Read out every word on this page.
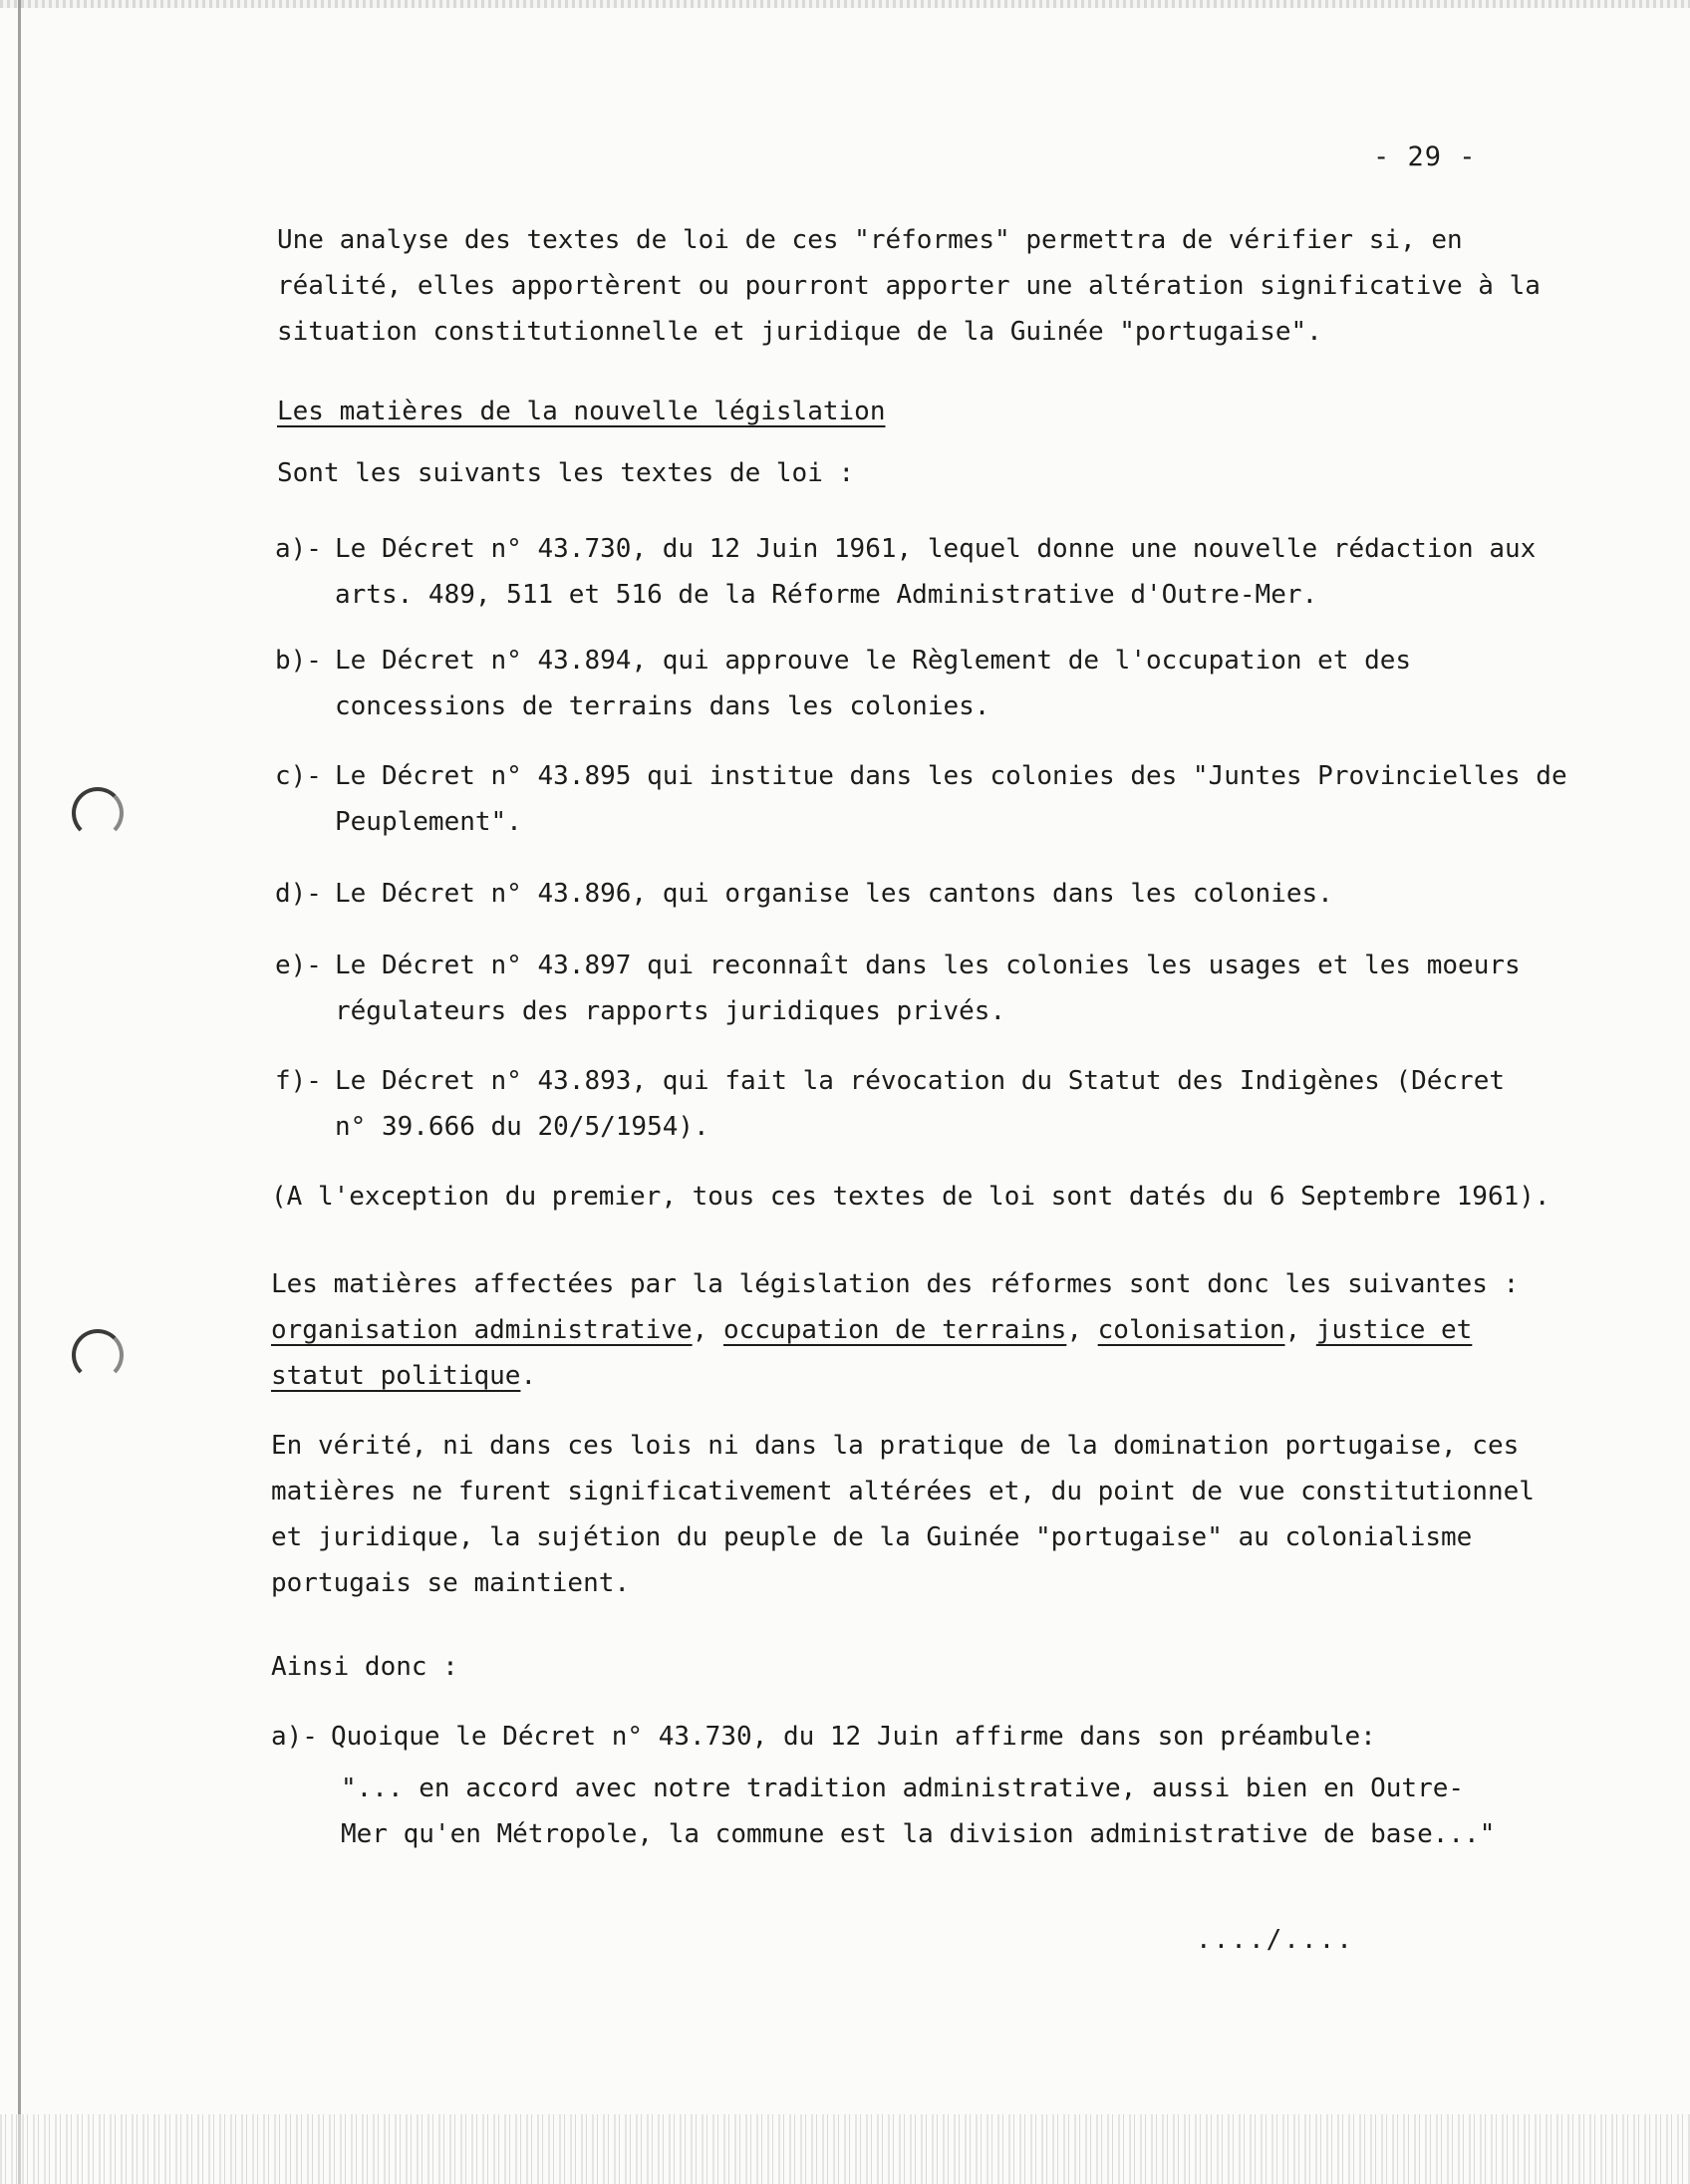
- 29 -

Une analyse des textes de loi de ces "réformes" permettra de vérifier si, en réalité, elles apportèrent ou pourront apporter une altération significative à la situation constitutionnelle et juridique de la Guinée "portugaise".

Les matières de la nouvelle législation
Sont les suivants les textes de loi :
a)- Le Décret n° 43.730, du 12 Juin 1961, lequel donne une nouvelle rédaction aux arts. 489, 511 et 516 de la Réforme Administrative d'Outre-Mer.
b)- Le Décret n° 43.894, qui approuve le Règlement de l'occupation et des concessions de terrains dans les colonies.
c)- Le Décret n° 43.895 qui institue dans les colonies des "Juntes Provincielles de Peuplement".
d)- Le Décret n° 43.896, qui organise les cantons dans les colonies.
e)- Le Décret n° 43.897 qui reconnaît dans les colonies les usages et les moeurs régulateurs des rapports juridiques privés.
f)- Le Décret n° 43.893, qui fait la révocation du Statut des Indigènes (Décret n° 39.666 du 20/5/1954).
(A l'exception du premier, tous ces textes de loi sont datés du 6 Septembre 1961).
Les matières affectées par la législation des réformes sont donc les suivantes :
organisation administrative, occupation de terrains, colonisation, justice et statut politique.

En vérité, ni dans ces lois ni dans la pratique de la domination portugaise, ces matières ne furent significativement altérées et, du point de vue constitutionnel et juridique, la sujétion du peuple de la Guinée "portugaise" au colonialisme portugais se maintient.

Ainsi donc :
a)- Quoique le Décret n° 43.730, du 12 Juin affirme dans son préambule:
"... en accord avec notre tradition administrative, aussi bien en Outre-Mer qu'en Métropole, la commune est la division administrative de base..."
..../....
